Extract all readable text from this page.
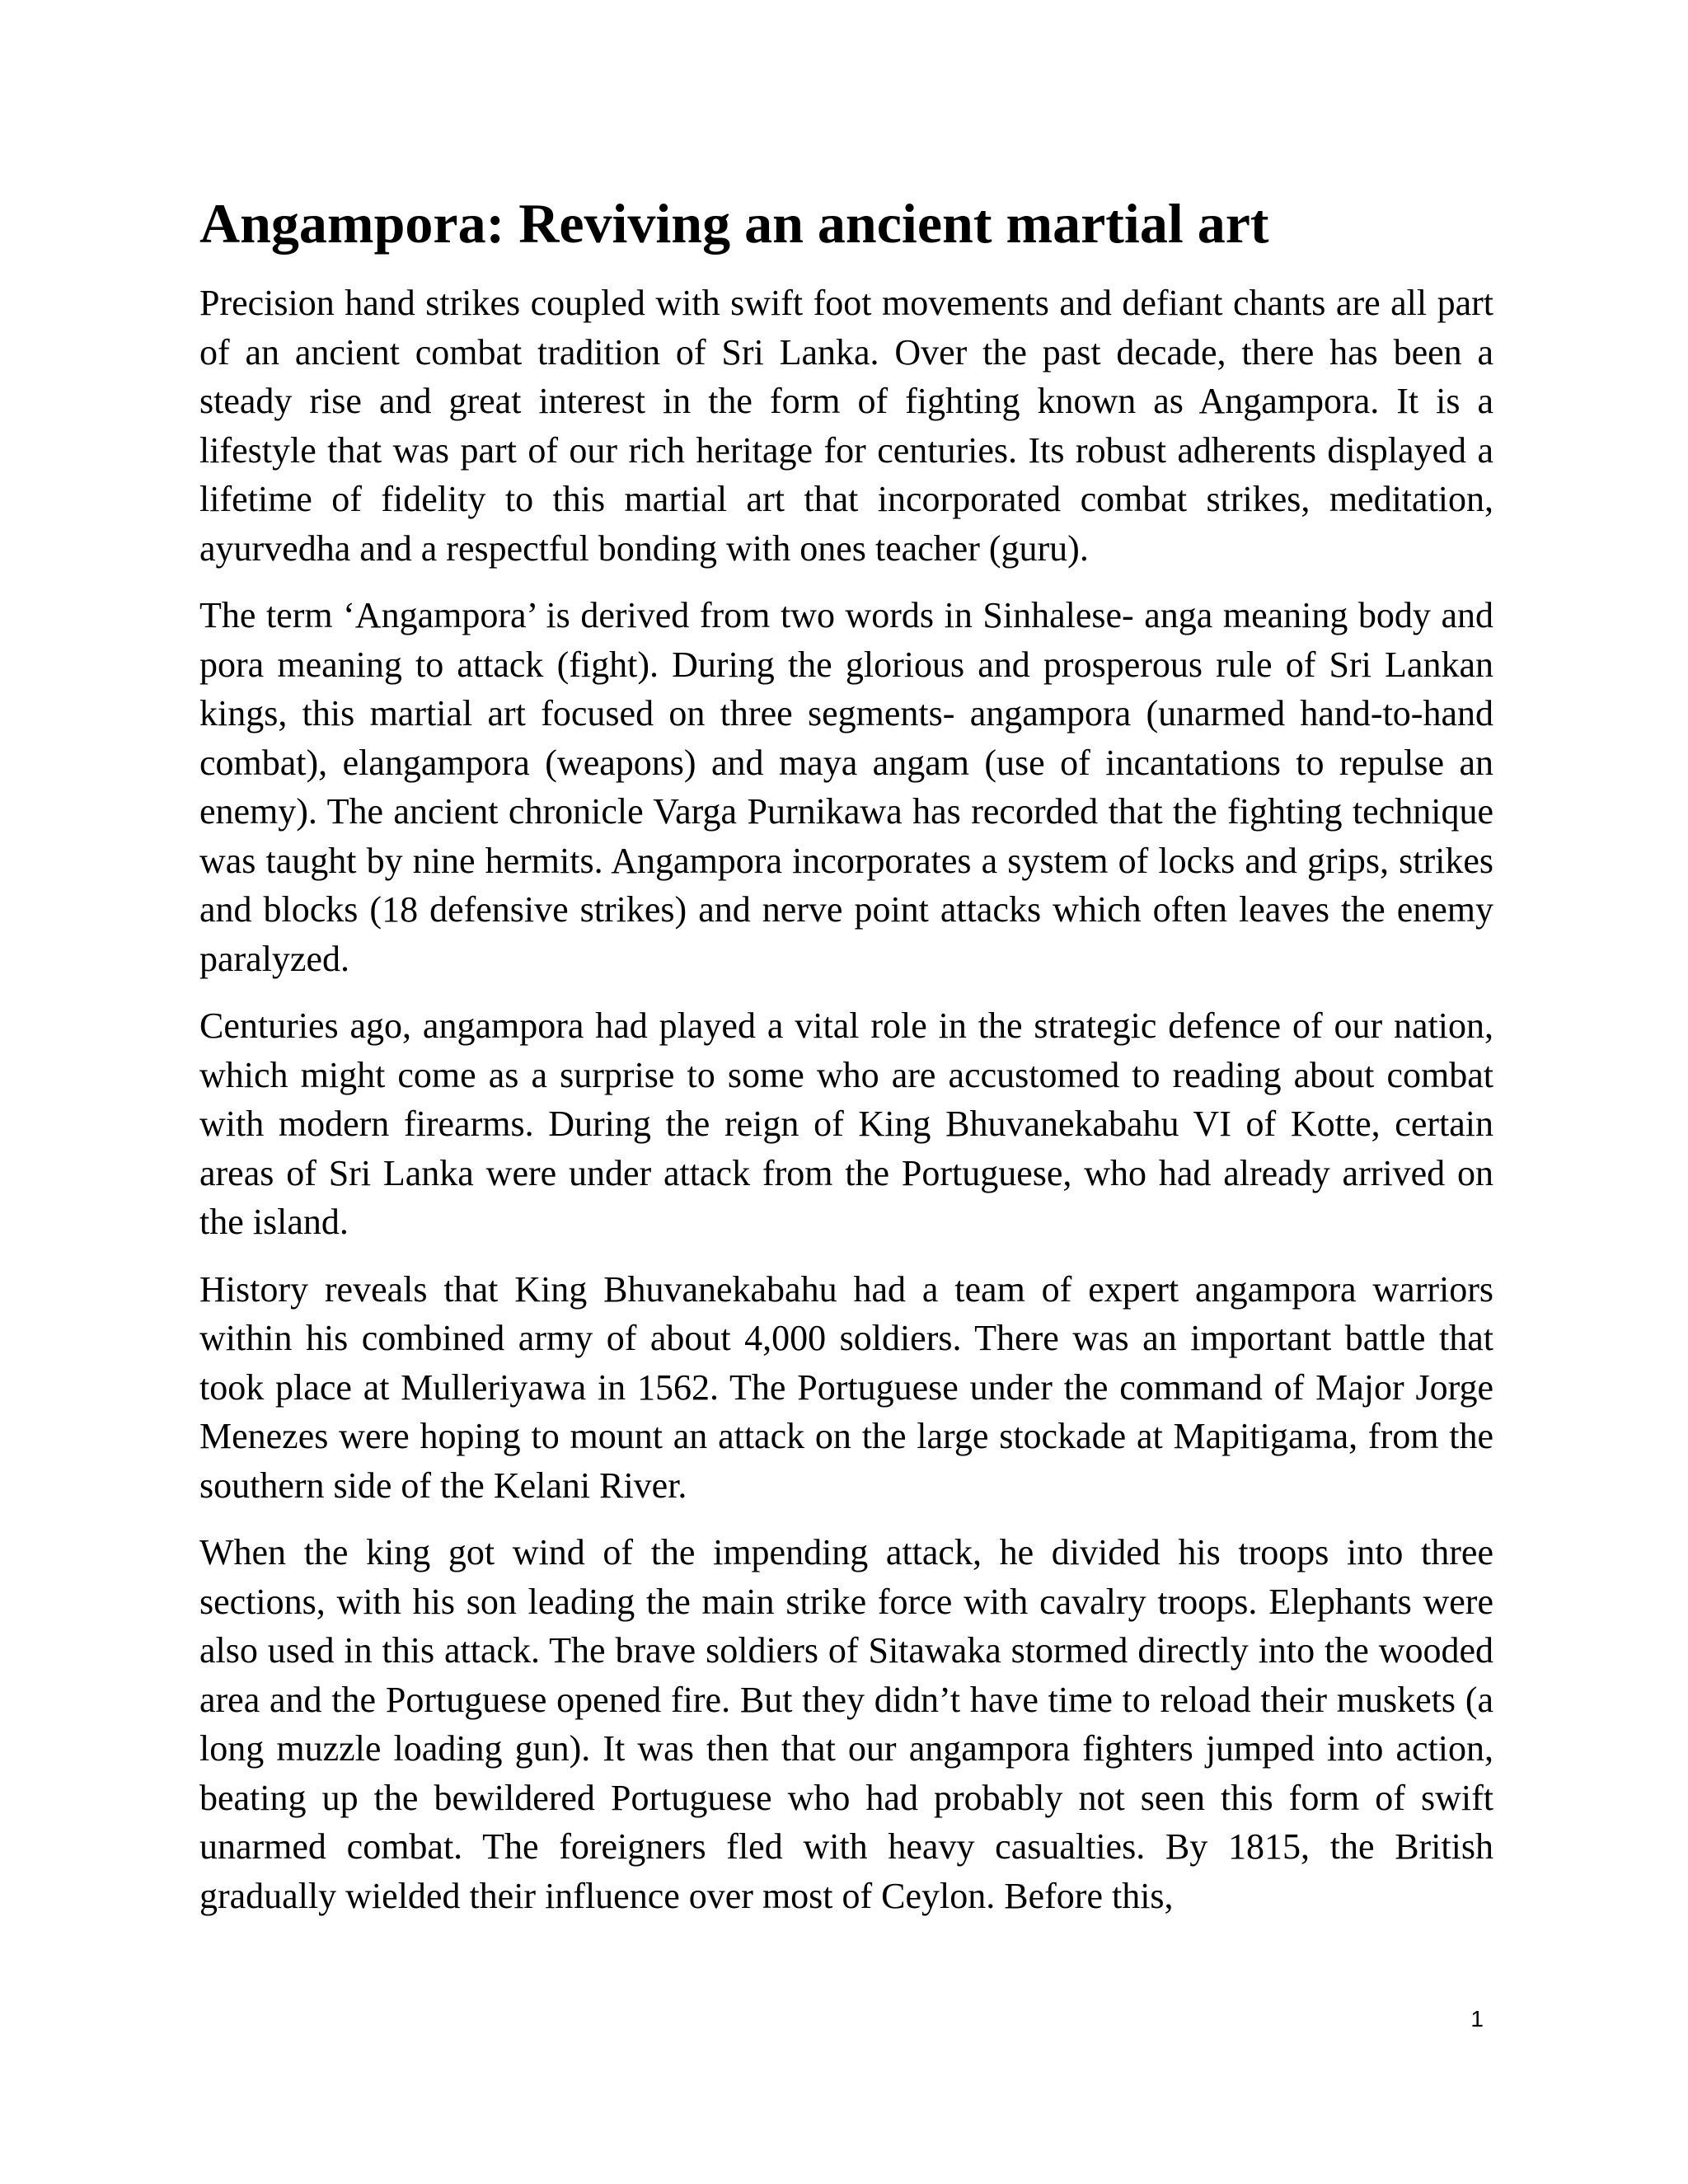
Angampora: Reviving an ancient martial art

Precision hand strikes coupled with swift foot movements and defiant chants are all part of an ancient combat tradition of Sri Lanka. Over the past decade, there has been a steady rise and great interest in the form of fighting known as Angampora. It is a lifestyle that was part of our rich heritage for centuries. Its robust adherents displayed a lifetime of fidelity to this martial art that incorporated combat strikes, meditation, ayurvedha and a respectful bonding with ones teacher (guru).

The term ‘Angampora’ is derived from two words in Sinhalese- anga meaning body and pora meaning to attack (fight). During the glorious and prosperous rule of Sri Lankan kings, this martial art focused on three segments- angampora (unarmed hand-to-hand combat), elangampora (weapons) and maya angam (use of incantations to repulse an enemy). The ancient chronicle Varga Purnikawa has recorded that the fighting technique was taught by nine hermits. Angampora incorporates a system of locks and grips, strikes and blocks (18 defensive strikes) and nerve point attacks which often leaves the enemy paralyzed.

Centuries ago, angampora had played a vital role in the strategic defence of our nation, which might come as a surprise to some who are accustomed to reading about combat with modern firearms. During the reign of King Bhuvanekabahu VI of Kotte, certain areas of Sri Lanka were under attack from the Portuguese, who had already arrived on the island.

History reveals that King Bhuvanekabahu had a team of expert angampora warriors within his combined army of about 4,000 soldiers. There was an important battle that took place at Mulleriyawa in 1562. The Portuguese under the command of Major Jorge Menezes were hoping to mount an attack on the large stockade at Mapitigama, from the southern side of the Kelani River.

When the king got wind of the impending attack, he divided his troops into three sections, with his son leading the main strike force with cavalry troops. Elephants were also used in this attack. The brave soldiers of Sitawaka stormed directly into the wooded area and the Portuguese opened fire. But they didn’t have time to reload their muskets (a long muzzle loading gun). It was then that our angampora fighters jumped into action, beating up the bewildered Portuguese who had probably not seen this form of swift unarmed combat. The foreigners fled with heavy casualties. By 1815, the British gradually wielded their influence over most of Ceylon. Before this,

1
